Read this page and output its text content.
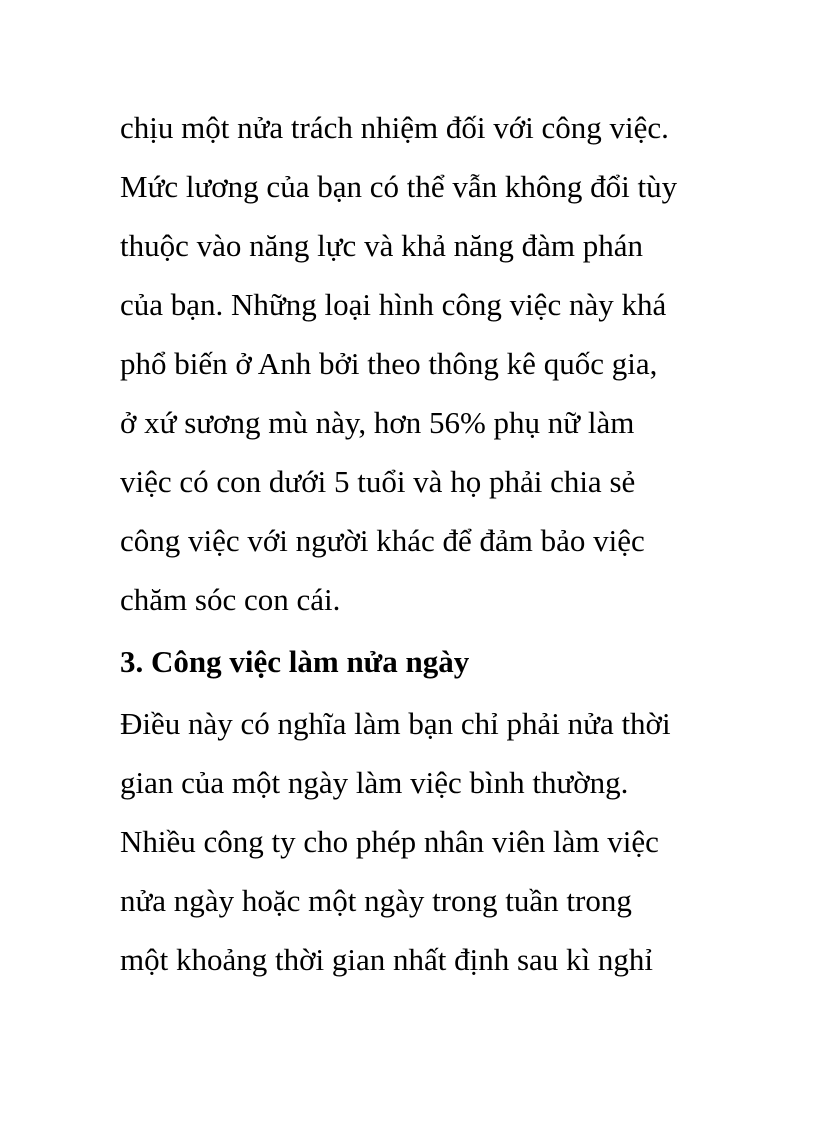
chịu một nửa trách nhiệm đối với công việc.
Mức lương của bạn có thể vẫn không đổi tùy
thuộc vào năng lực và khả năng đàm phán
của bạn. Những loại hình công việc này khá
phổ biến ở Anh bởi theo thông kê quốc gia,
ở xứ sương mù này, hơn 56% phụ nữ làm
việc có con dưới 5 tuổi và họ phải chia sẻ
công việc với người khác để đảm bảo việc
chăm sóc con cái.
3. Công việc làm nửa ngày
Điều này có nghĩa làm bạn chỉ phải nửa thời
gian của một ngày làm việc bình thường.
Nhiều công ty cho phép nhân viên làm việc
nửa ngày hoặc một ngày trong tuần trong
một khoảng thời gian nhất định sau kì nghỉ
